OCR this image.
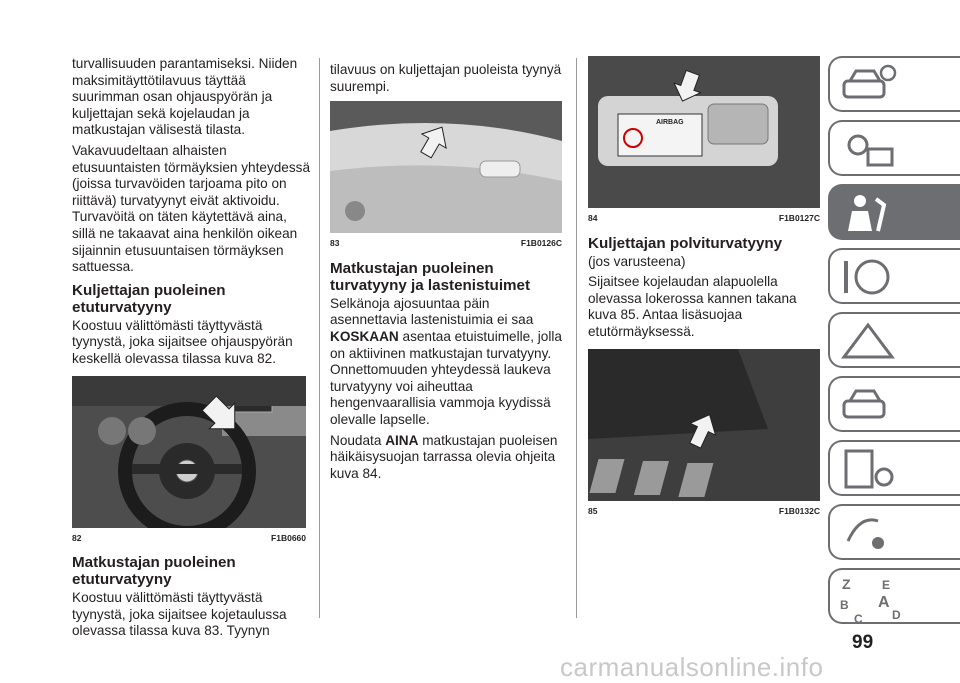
turvallisuuden parantamiseksi. Niiden maksimitäyttötilavuus täyttää suurimman osan ohjauspyörän ja kuljettajan sekä kojelaudan ja matkustajan välisestä tilasta.

Vakavuudeltaan alhaisten etusuuntaisten törmäyksien yhteydessä (joissa turvavöiden tarjoama pito on riittävä) turvatyynyt eivät aktivoidu. Turvavöitä on täten käytettävä aina, sillä ne takaavat aina henkilön oikean sijainnin etusuuntaisen törmäyksen sattuessa.

Kuljettajan puoleinen etuturvatyyny

Koostuu välittömästi täyttyvästä tyynystä, joka sijaitsee ohjauspyörän keskellä olevassa tilassa kuva 82.

82	F1B0660
Matkustajan puoleinen etuturvatyyny

Koostuu välittömästi täyttyvästä tyynystä, joka sijaitsee kojetaulussa olevassa tilassa kuva 83. Tyynyn

tilavuus on kuljettajan puoleista tyynyä suurempi.

83	F1B0126C
Matkustajan puoleinen turvatyyny ja lastenistuimet

Selkänoja ajosuuntaa päin asennettavia lastenistuimia ei saa KOSKAAN asentaa etuistuimelle, jolla on aktiivinen matkustajan turvatyyny. Onnettomuuden yhteydessä laukeva turvatyyny voi aiheuttaa hengenvaarallisia vammoja kyydissä olevalle lapselle.

Noudata AINA matkustajan puoleisen häikäisysuojan tarrassa olevia ohjeita kuva 84.

AIRBAG
84	F1B0127C
Kuljettajan polviturvatyyny

(jos varusteena)

Sijaitsee kojelaudan alapuolella olevassa lokerossa kannen takana kuva 85. Antaa lisäsuojaa etutörmäyksessä.

85	F1B0132C
Z	E
A
B
C D
99
carmanualsonline.info
